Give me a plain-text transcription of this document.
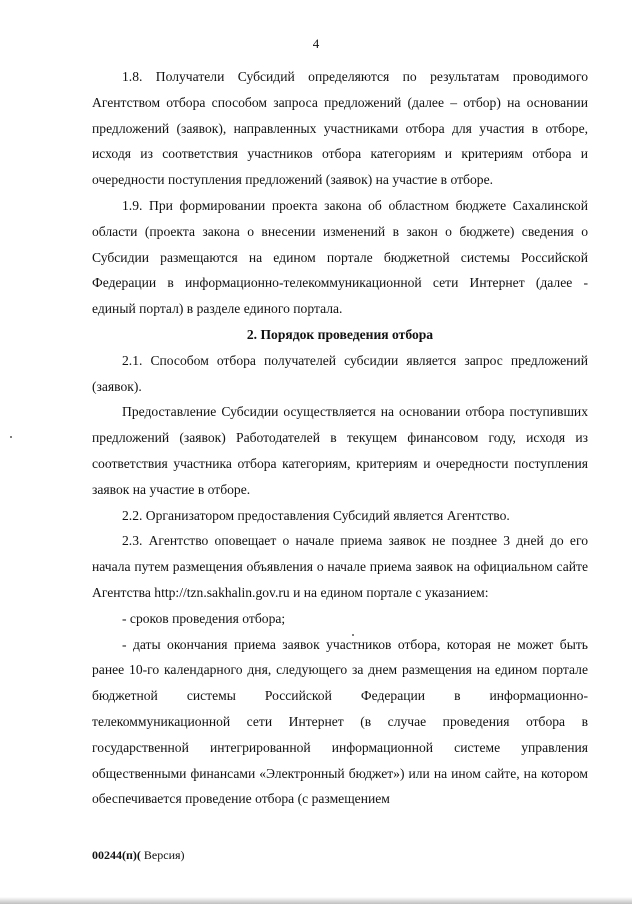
4

1.8. Получатели Субсидий определяются по результатам проводимого Агентством отбора способом запроса предложений (далее – отбор) на основании предложений (заявок), направленных участниками отбора для участия в отборе, исходя из соответствия участников отбора категориям и критериям отбора и очередности поступления предложений (заявок) на участие в отборе.

1.9. При формировании проекта закона об областном бюджете Сахалинской области (проекта закона о внесении изменений в закон о бюджете) сведения о Субсидии размещаются на едином портале бюджетной системы Российской Федерации в информационно-телекоммуникационной сети Интернет (далее - единый портал) в разделе единого портала.

2. Порядок проведения отбора

2.1. Способом отбора получателей субсидии является запрос предложений (заявок).

Предоставление Субсидии осуществляется на основании отбора поступивших предложений (заявок) Работодателей в текущем финансовом году, исходя из соответствия участника отбора категориям, критериям и очередности поступления заявок на участие в отборе.

2.2. Организатором предоставления Субсидий является Агентство.

2.3. Агентство оповещает о начале приема заявок не позднее 3 дней до его начала путем размещения объявления о начале приема заявок на официальном сайте Агентства http://tzn.sakhalin.gov.ru и на едином портале с указанием:

- сроков проведения отбора;

- даты окончания приема заявок участников отбора, которая не может быть ранее 10-го календарного дня, следующего за днем размещения на едином портале бюджетной системы Российской Федерации в информационно-телекоммуникационной сети Интернет (в случае проведения отбора в государственной интегрированной информационной системе управления общественными финансами «Электронный бюджет») или на ином сайте, на котором обеспечивается проведение отбора (с размещением

00244(п)( Версия)
